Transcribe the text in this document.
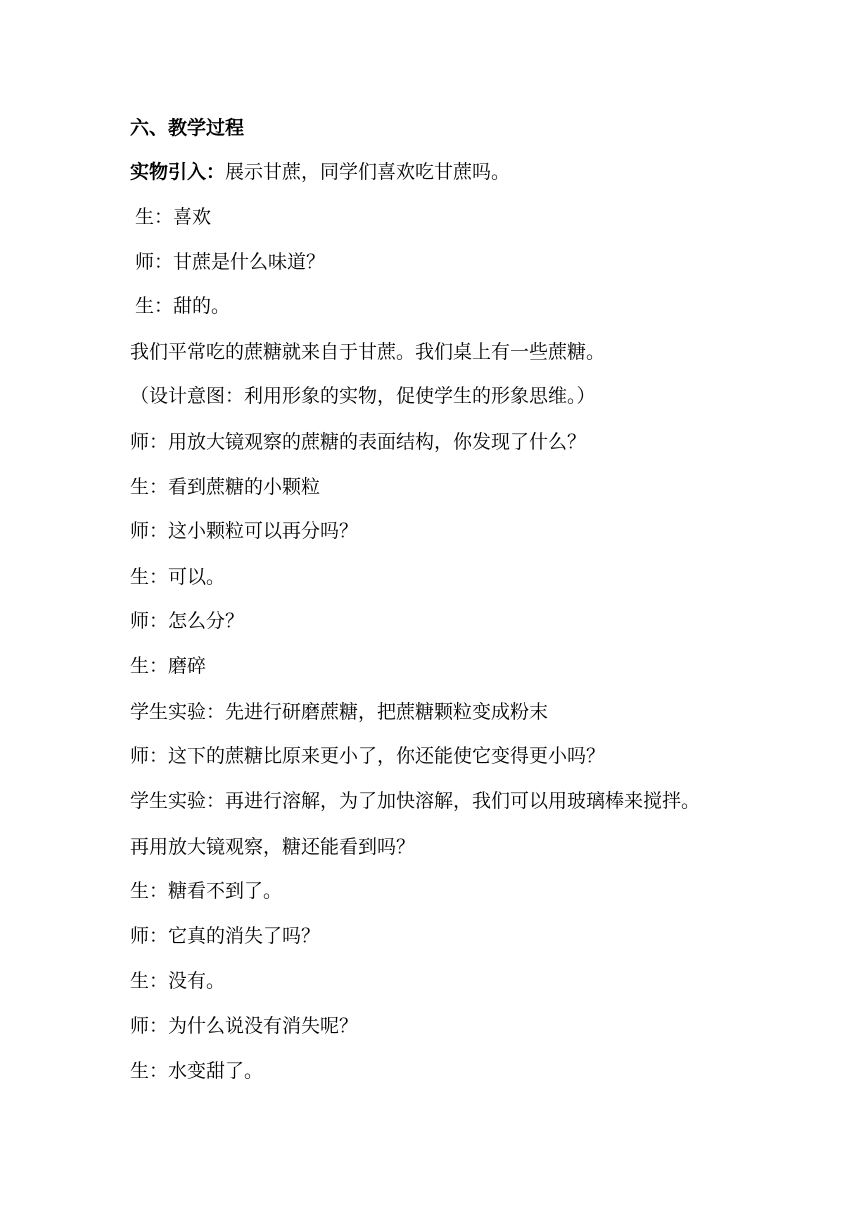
六、教学过程
实物引入：展示甘蔗，同学们喜欢吃甘蔗吗。
生：喜欢
师：甘蔗是什么味道？
生：甜的。
我们平常吃的蔗糖就来自于甘蔗。我们桌上有一些蔗糖。
（设计意图：利用形象的实物，促使学生的形象思维。）
师：用放大镜观察的蔗糖的表面结构，你发现了什么？
生：看到蔗糖的小颗粒
师：这小颗粒可以再分吗？
生：可以。
师：怎么分？
生：磨碎
学生实验：先进行研磨蔗糖，把蔗糖颗粒变成粉末
师：这下的蔗糖比原来更小了，你还能使它变得更小吗？
学生实验：再进行溶解，为了加快溶解，我们可以用玻璃棒来搅拌。
再用放大镜观察，糖还能看到吗？
生：糖看不到了。
师：它真的消失了吗？
生：没有。
师：为什么说没有消失呢？
生：水变甜了。
